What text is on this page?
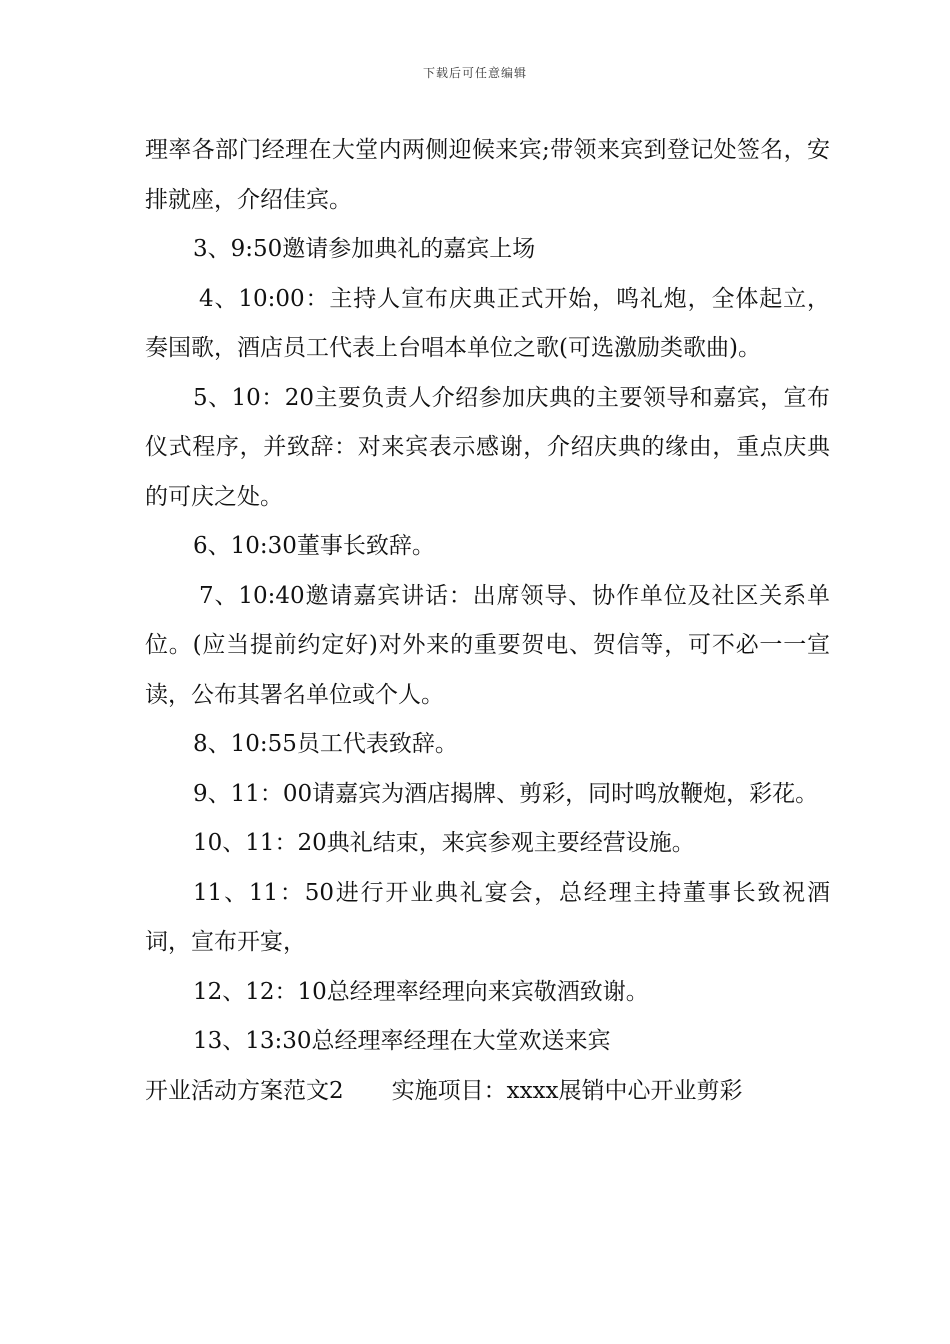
下载后可任意编辑

理率各部门经理在大堂内两侧迎候来宾;带领来宾到登记处签名，安排就座，介绍佳宾。

3、9:50邀请参加典礼的嘉宾上场

4、10:00：主持人宣布庆典正式开始，鸣礼炮，全体起立，奏国歌，酒店员工代表上台唱本单位之歌(可选激励类歌曲)。

5、10：20主要负责人介绍参加庆典的主要领导和嘉宾，宣布仪式程序，并致辞：对来宾表示感谢，介绍庆典的缘由，重点庆典的可庆之处。

6、10:30董事长致辞。

7、10:40邀请嘉宾讲话：出席领导、协作单位及社区关系单位。(应当提前约定好)对外来的重要贺电、贺信等，可不必一一宣读，公布其署名单位或个人。

8、10:55员工代表致辞。

9、11：00请嘉宾为酒店揭牌、剪彩，同时鸣放鞭炮，彩花。

10、11：20典礼结束，来宾参观主要经营设施。

11、11：50进行开业典礼宴会，总经理主持董事长致祝酒词，宣布开宴，

12、12：10总经理率经理向来宾敬酒致谢。

13、13:30总经理率经理在大堂欢送来宾

开业活动方案范文2 实施项目：xxxx展销中心开业剪彩
